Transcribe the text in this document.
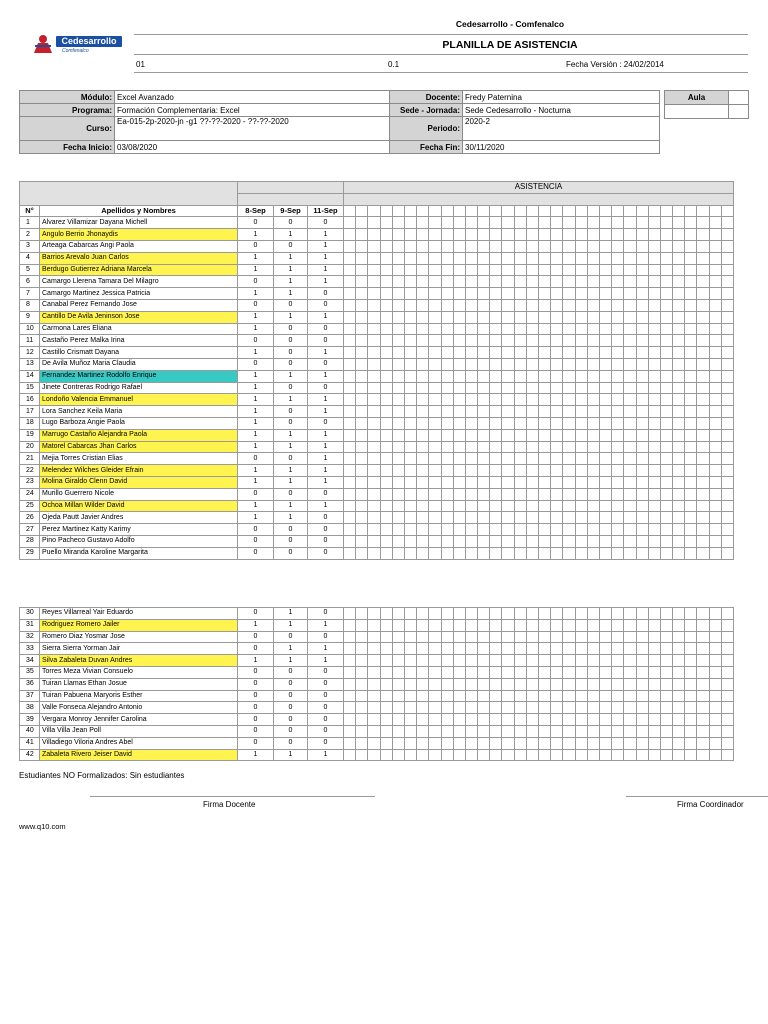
Cedesarrollo
Comfenalco
Cedesarrollo - Comfenalco
PLANILLA DE ASISTENCIA
01	0.1	Fecha Versión : 24/02/2014
Módulo:	Excel Avanzado	Docente:	Fredy Paternina
Programa:	Formación Complementaria: Excel	Sede - Jornada:	Sede Cedesarrollo - Nocturna
Curso:	Ea-015-2p-2020-jn -g1 ??-??-2020 - ??-??-2020	Periodo:	2020-2
Fecha Inicio:	03/08/2020	Fecha Fin:	30/11/2020
Aula	

					ASISTENCIA																															

N°	Apellidos y Nombres	8-Sep	9-Sep	11-Sep																																
1	Alvarez Villamizar Dayana Michell	0	0	0																																
2	Angulo Berrio Jhonaydis	1	1	1																																
3	Arteaga Cabarcas Angi Paola	0	0	1																																
4	Barrios Arevalo Juan Carlos	1	1	1																																
5	Berdugo Gutierrez Adriana Marcela	1	1	1																																
6	Camargo Llerena Tamara Del Milagro	0	1	1																																
7	Camargo Martinez Jessica Patricia	1	1	0																																
8	Canabal Perez Fernando Jose	0	0	0																																
9	Cantillo De Avila Jeninson Jose	1	1	1																																
10	Carmona Lares Eliana	1	0	0																																
11	Castaño Perez Malka Irina	0	0	0																																
12	Castillo Crismatt Dayana	1	0	1																																
13	De Avila Muñoz Maria Claudia	0	0	0																																
14	Fernandez Martinez Rodolfo Enrique	1	1	1																																
15	Jinete Contreras Rodrigo Rafael	1	0	0																																
16	Londoño Valencia Emmanuel	1	1	1																																
17	Lora Sanchez Keila Maria	1	0	1																																
18	Lugo Barboza Angie Paola	1	0	0																																
19	Marrugo Castaño Alejandra Paola	1	1	1																																
20	Matorel Cabarcas Jhan Carlos	1	1	1																																
21	Mejia Torres Cristian Elias	0	0	1																																
22	Melendez Wilches Gleider Efrain	1	1	1																																
23	Molina Giraldo Clenn David	1	1	1																																
24	Murillo Guerrero Nicole	0	0	0																																
25	Ochoa Millan Wilder David	1	1	1																																
26	Ojeda Pautt Javier Andres	1	1	0																																
27	Perez Martinez Katty Karimy	0	0	0																																
28	Pino Pacheco Gustavo Adolfo	0	0	0																																
29	Puello Miranda Karoline Margarita	0	0	0																																
30	Reyes Villarreal Yair Eduardo	0	1	0																																
31	Rodriguez Romero Jailer	1	1	1																																
32	Romero Diaz Yosmar Jose	0	0	0																																
33	Sierra Sierra Yorman Jair	0	1	1																																
34	Silva Zabaleta Duvan Andres	1	1	1																																
35	Torres Meza Vivian Consuelo	0	0	0																																
36	Tuiran Llamas Ethan Josue	0	0	0																																
37	Tuiran Pabuena Maryoris Esther	0	0	0																																
38	Valle Fonseca Alejandro Antonio	0	0	0																																
39	Vergara Monroy Jennifer Carolina	0	0	0																																
40	Villa Villa Jean Poll	0	0	0																																
41	Villadiego Viloria Andres Abel	0	0	0																																
42	Zabaleta Rivero Jeiser David	1	1	1																																
Estudiantes NO Formalizados: Sin estudiantes
Firma Docente	Firma Coordinador
www.q10.com
